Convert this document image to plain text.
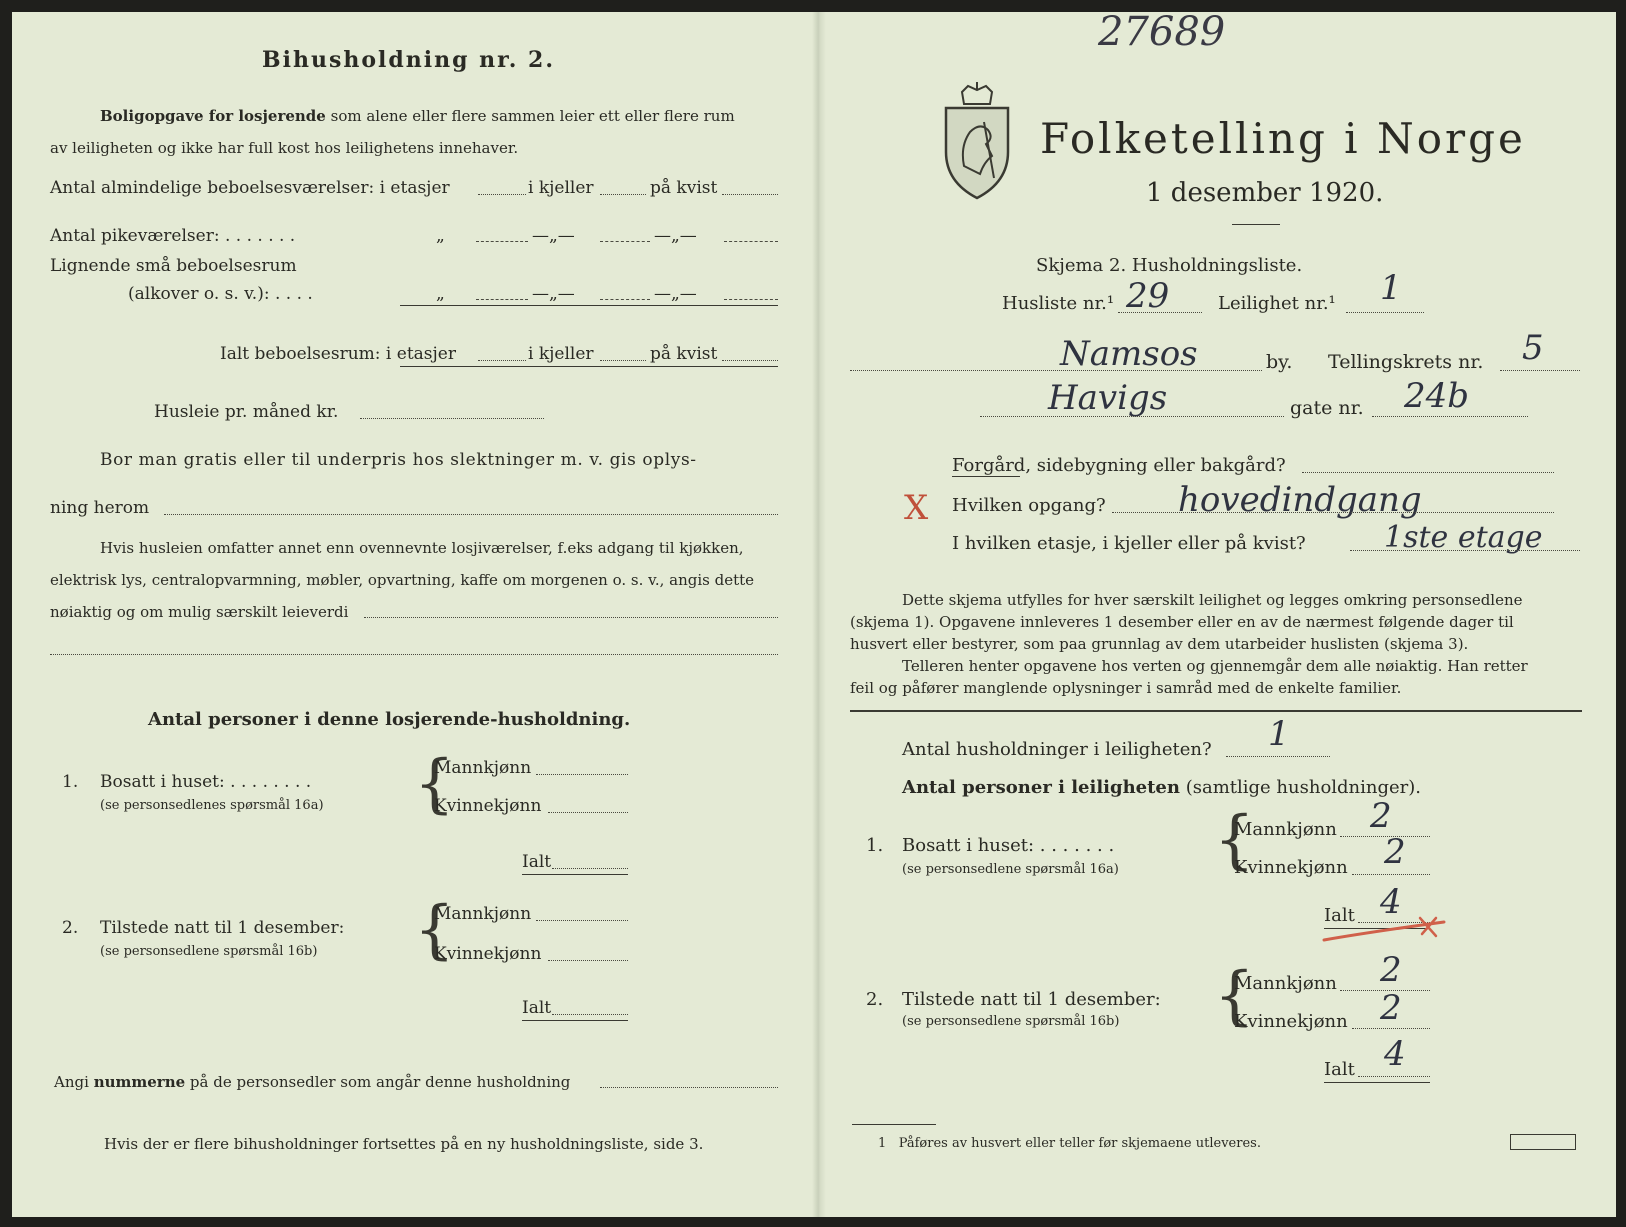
Bihusholdning nr. 2.
Boligopgave for losjerende som alene eller flere sammen leier ett eller flere rum
av leiligheten og ikke har full kost hos leilighetens innehaver.
Antal almindelige beboelsesværelser: i etasjer	i kjeller	på kvist
Antal pikeværelser: . . . . . . .	„	—„—	—„—
Lignende små beboelsesrum
(alkover o. s. v.): . . . .	„	—„—	—„—
Ialt beboelsesrum: i etasjer	i kjeller	på kvist
Husleie pr. måned kr.
Bor man gratis eller til underpris hos slektninger m. v. gis oplys-
ning herom
Hvis husleien omfatter annet enn ovennevnte losjiværelser, f.eks adgang til kjøkken,
elektrisk lys, centralopvarmning, møbler, opvartning, kaffe om morgenen o. s. v., angis dette
nøiaktig og om mulig særskilt leieverdi
Antal personer i denne losjerende-husholdning.
1. Bosatt i huset: . . . . . . . .
(se personsedlenes spørsmål 16a) {
Mannkjønn
Kvinnekjønn
Ialt
2. Tilstede natt til 1 desember:
(se personsedlene spørsmål 16b) {
Mannkjønn
Kvinnekjønn
Ialt
Angi nummerne på de personsedler som angår denne husholdning
Hvis der er flere bihusholdninger fortsettes på en ny husholdningsliste, side 3.
27689
Folketelling i Norge
1 desember 1920.
Skjema 2. Husholdningsliste.
Husliste nr.¹ 29	Leilighet nr.¹ 1
Namsos	by. Tellingskrets nr. 5
Havigs	gate nr. 24b
Forgård, sidebygning eller bakgård?
X Hvilken opgang? hovedindgang
I hvilken etasje, i kjeller eller på kvist?	1ste etage
Dette skjema utfylles for hver særskilt leilighet og legges omkring personsedlene
(skjema 1). Opgavene innleveres 1 desember eller en av de nærmest følgende dager til
husvert eller bestyrer, som paa grunnlag av dem utarbeider huslisten (skjema 3).
Telleren henter opgavene hos verten og gjennemgår dem alle nøiaktig. Han retter
feil og påfører manglende oplysninger i samråd med de enkelte familier.
Antal husholdninger i leiligheten? 1
Antal personer i leiligheten (samtlige husholdninger).
1. Bosatt i huset: . . . . . . .
(se personsedlene spørsmål 16a) {
Mannkjønn 2
Kvinnekjønn 2
Ialt 4
2. Tilstede natt til 1 desember:
(se personsedlene spørsmål 16b) {
Mannkjønn 2
Kvinnekjønn 2
Ialt 4
1 Påføres av husvert eller teller før skjemaene utleveres.
